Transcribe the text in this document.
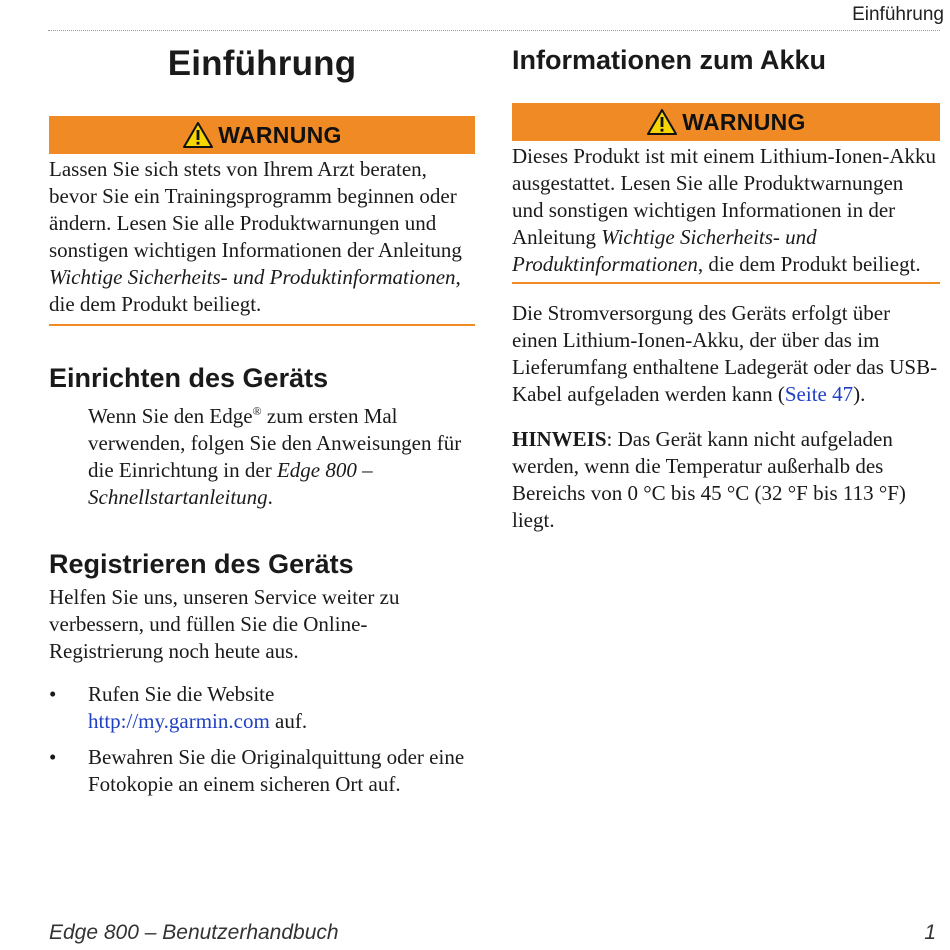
Einführung
Einführung
WARNUNG

Lassen Sie sich stets von Ihrem Arzt beraten, bevor Sie ein Trainingsprogramm beginnen oder ändern. Lesen Sie alle Produktwarnungen und sonstigen wichtigen Informationen der Anleitung Wichtige Sicherheits- und Produktinformationen, die dem Produkt beiliegt.

Einrichten des Geräts

Wenn Sie den Edge® zum ersten Mal verwenden, folgen Sie den Anweisungen für die Einrichtung in der Edge 800 – Schnellstartanleitung.

Registrieren des Geräts

Helfen Sie uns, unseren Service weiter zu verbessern, und füllen Sie die Online-Registrierung noch heute aus.

•	Rufen Sie die Website
http://my.garmin.com auf.
•	Bewahren Sie die Originalquittung oder eine Fotokopie an einem sicheren Ort auf.
Informationen zum Akku
WARNUNG

Dieses Produkt ist mit einem Lithium-Ionen-Akku ausgestattet. Lesen Sie alle Produktwarnungen und sonstigen wichtigen Informationen in der Anleitung Wichtige Sicherheits- und Produktinformationen, die dem Produkt beiliegt.

Die Stromversorgung des Geräts erfolgt über einen Lithium-Ionen-Akku, der über das im Lieferumfang enthaltene Ladegerät oder das USB-Kabel aufgeladen werden kann (Seite 47).

HINWEIS: Das Gerät kann nicht aufgeladen werden, wenn die Temperatur außerhalb des Bereichs von 0 °C bis 45 °C (32 °F bis 113 °F) liegt.

Edge 800 – Benutzerhandbuch	1
